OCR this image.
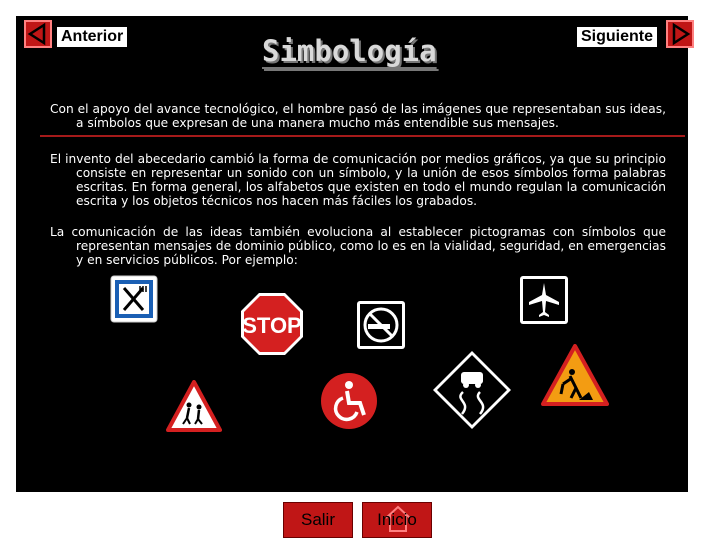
Anterior	Simbología	Siguiente

Con el apoyo del avance tecnológico, el hombre pasó de las imágenes que representaban sus ideas, a símbolos que expresan de una manera mucho más entendible sus mensajes.

El invento del abecedario cambió la forma de comunicación por medios gráficos, ya que su principio consiste en representar un sonido con un símbolo, y la unión de esos símbolos forma palabras escritas. En forma general, los alfabetos que existen en todo el mundo regulan la comunicación escrita y los objetos técnicos nos hacen más fáciles los grabados.

La comunicación de las ideas también evoluciona al establecer pictogramas con símbolos que representan mensajes de dominio público, como lo es en la vialidad, seguridad, en emergencias y en servicios públicos. Por ejemplo:

STOP
Salir	Inicio
